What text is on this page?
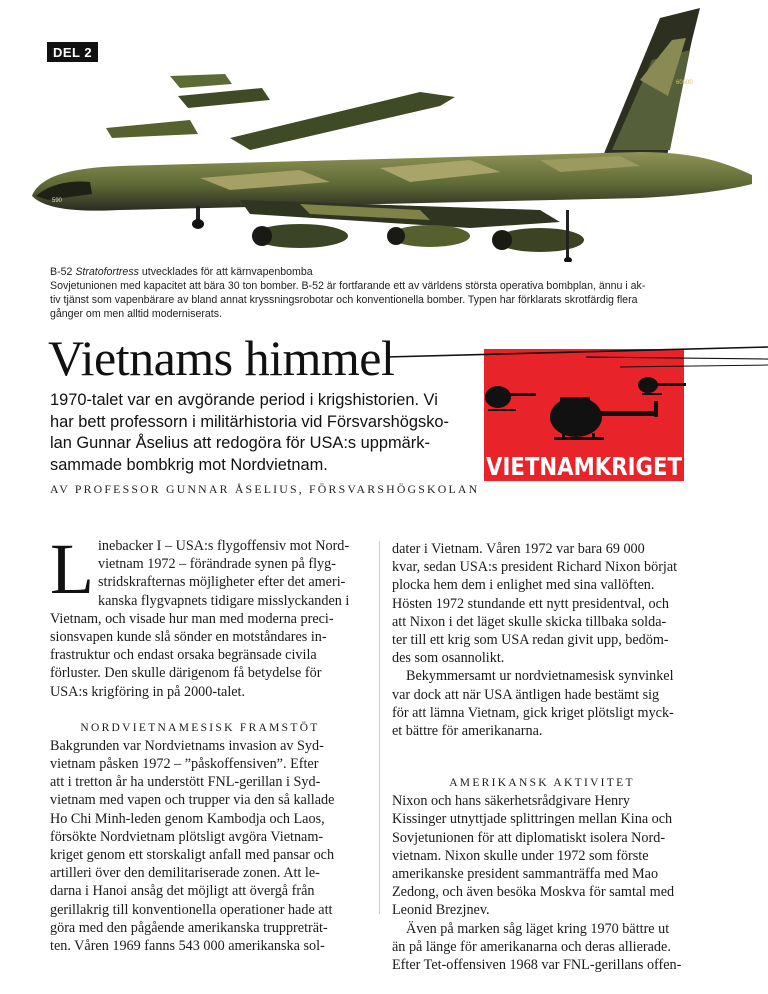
60500
590
DEL 2
B-52 Stratofortress utvecklades för att kärnvapenbomba
Sovjetunionen med kapacitet att bära 30 ton bomber. B-52 är fortfarande ett av världens största operativa bombplan, ännu i ak-
tiv tjänst som vapenbärare av bland annat kryssningsrobotar och konventionella bomber. Typen har förklarats skrotfärdig flera
gånger om men alltid moderniserats.
Vietnams himmel
VIETNAMKRIGET
1970-talet var en avgörande period i krigshistorien. Vi
har bett professorn i militärhistoria vid Försvarshögsko-
lan Gunnar Åselius att redogöra för USA:s uppmärk-
sammade bombkrig mot Nordvietnam.
AV PROFESSOR GUNNAR ÅSELIUS, FÖRSVARSHÖGSKOLAN
L inebacker I – USA:s flygoffensiv mot Nord-
vietnam 1972 – förändrade synen på flyg-
stridskrafternas möjligheter efter det ameri-
kanska flygvapnets tidigare misslyckanden i
Vietnam, och visade hur man med moderna preci-
sionsvapen kunde slå sönder en motståndares in-
frastruktur och endast orsaka begränsade civila
förluster. Den skulle därigenom få betydelse för
USA:s krigföring in på 2000-talet.

NORDVIETNAMESISK FRAMSTÖT

Bakgrunden var Nordvietnams invasion av Syd-
vietnam påsken 1972 – ”påskoffensiven”. Efter
att i tretton år ha understött FNL-gerillan i Syd-
vietnam med vapen och trupper via den så kallade
Ho Chi Minh-leden genom Kambodja och Laos,
försökte Nordvietnam plötsligt avgöra Vietnam-
kriget genom ett storskaligt anfall med pansar och
artilleri över den demilitariserade zonen. Att le-
darna i Hanoi ansåg det möjligt att övergå från
gerillakrig till konventionella operationer hade att
göra med den pågående amerikanska truppreträt-
ten. Våren 1969 fanns 543 000 amerikanska sol-

dater i Vietnam. Våren 1972 var bara 69 000
kvar, sedan USA:s president Richard Nixon börjat
plocka hem dem i enlighet med sina vallöften.
Hösten 1972 stundande ett nytt presidentval, och
att Nixon i det läget skulle skicka tillbaka solda-
ter till ett krig som USA redan givit upp, bedöm-
des som osannolikt.

Bekymmersamt ur nordvietnamesisk synvinkel
var dock att när USA äntligen hade bestämt sig
för att lämna Vietnam, gick kriget plötsligt myck-
et bättre för amerikanarna.

AMERIKANSK AKTIVITET

Nixon och hans säkerhetsrådgivare Henry
Kissinger utnyttjade splittringen mellan Kina och
Sovjetunionen för att diplomatiskt isolera Nord-
vietnam. Nixon skulle under 1972 som förste
amerikanske president sammanträffa med Mao
Zedong, och även besöka Moskva för samtal med
Leonid Brezjnev.

Även på marken såg läget kring 1970 bättre ut
än på länge för amerikanarna och deras allierade.
Efter Tet-offensiven 1968 var FNL-gerillans offen-
